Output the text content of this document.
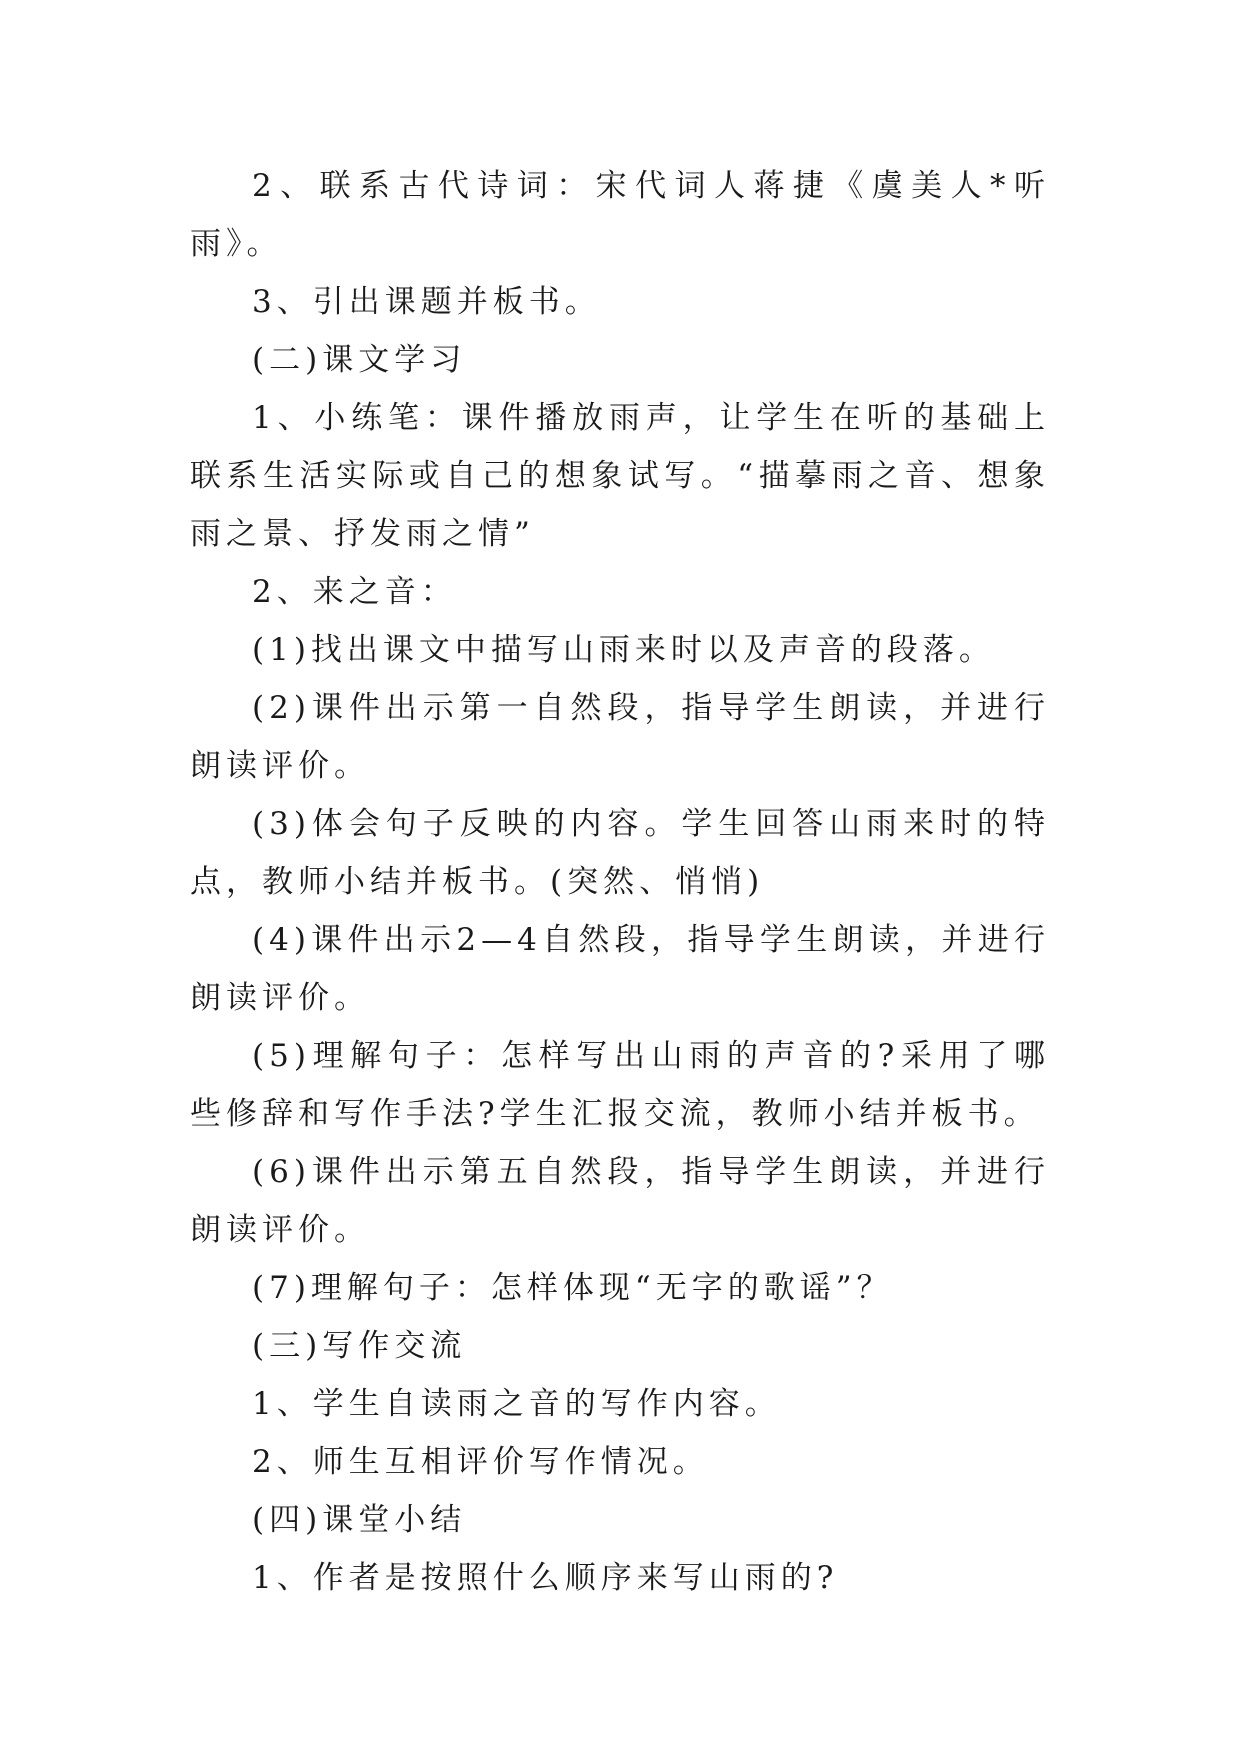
2、联系古代诗词：宋代词人蒋捷《虞美人*听雨》。

3、引出课题并板书。

(二)课文学习

1、小练笔：课件播放雨声，让学生在听的基础上联系生活实际或自己的想象试写。“描摹雨之音、想象雨之景、抒发雨之情”

2、来之音：

(1)找出课文中描写山雨来时以及声音的段落。

(2)课件出示第一自然段，指导学生朗读，并进行朗读评价。

(3)体会句子反映的内容。学生回答山雨来时的特点，教师小结并板书。(突然、悄悄)

(4)课件出示2—4自然段，指导学生朗读，并进行朗读评价。

(5)理解句子：怎样写出山雨的声音的?采用了哪些修辞和写作手法?学生汇报交流，教师小结并板书。

(6)课件出示第五自然段，指导学生朗读，并进行朗读评价。

(7)理解句子：怎样体现“无字的歌谣”？

(三)写作交流

1、学生自读雨之音的写作内容。

2、师生互相评价写作情况。

(四)课堂小结

1、作者是按照什么顺序来写山雨的?
